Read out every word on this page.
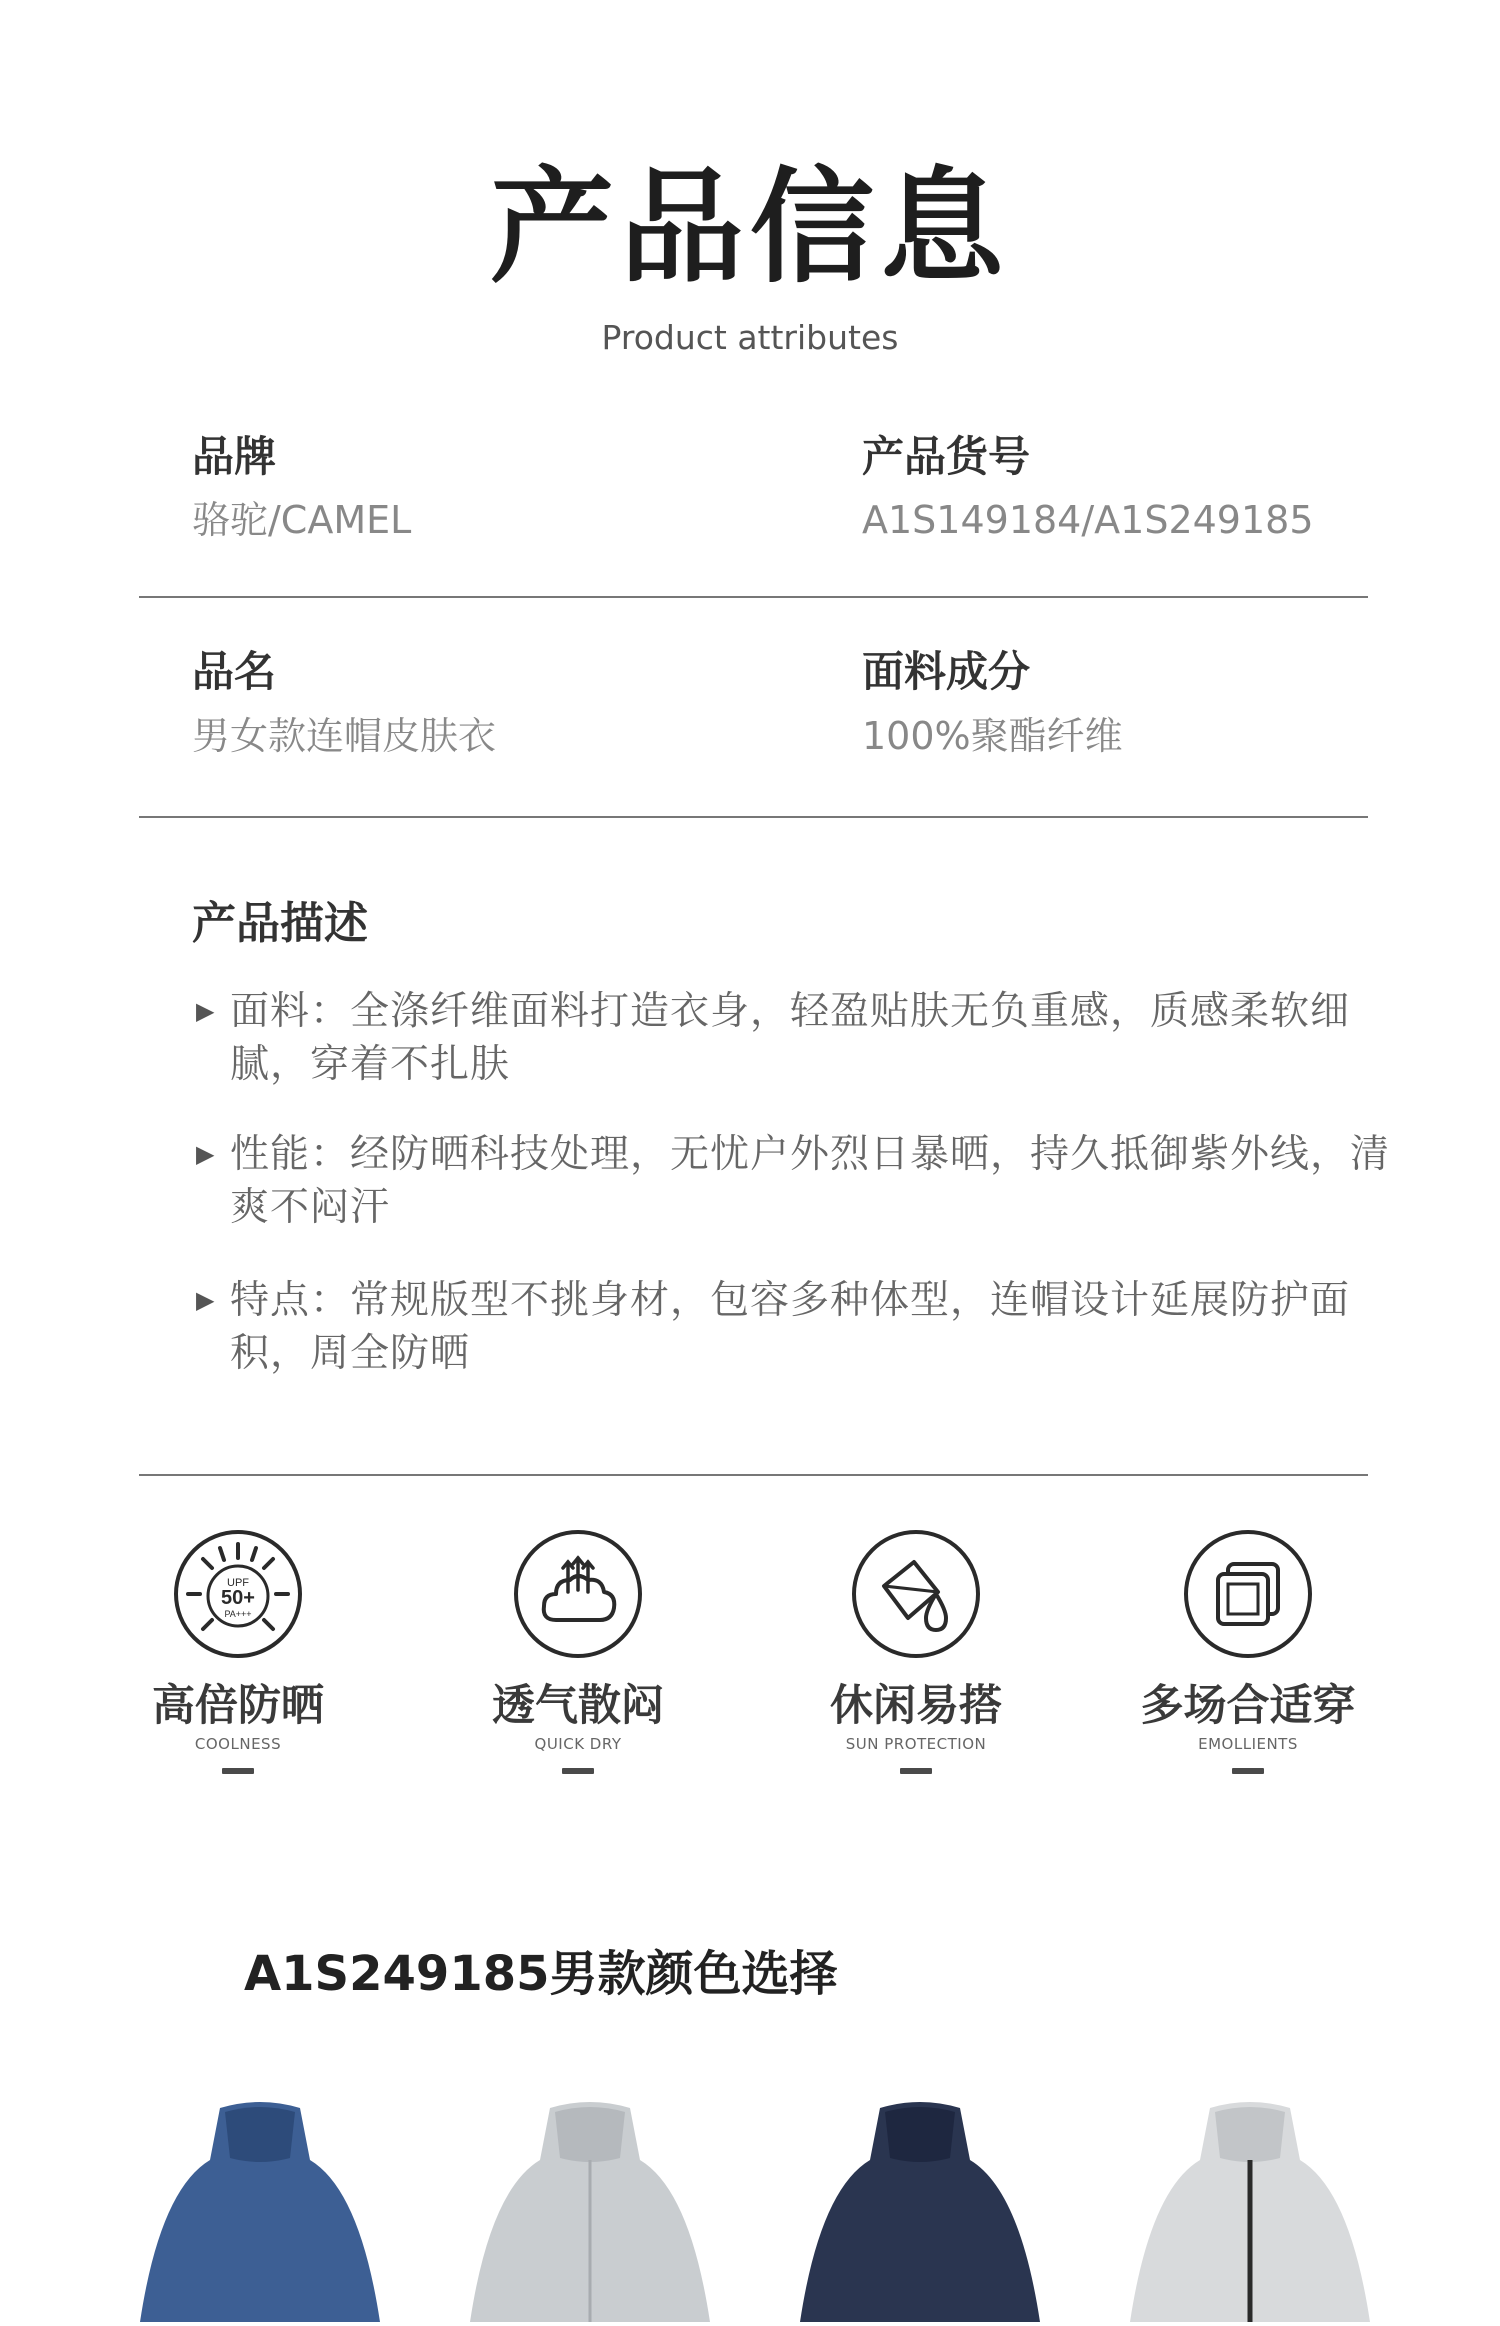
产品信息
Product attributes
品牌
骆驼/CAMEL
产品货号
A1S149184/A1S249185
品名
男女款连帽皮肤衣
面料成分
100%聚酯纤维
产品描述
▶ 面料：全涤纤维面料打造衣身，轻盈贴肤无负重感，质感柔软细腻，穿着不扎肤
▶ 性能：经防晒科技处理，无忧户外烈日暴晒，持久抵御紫外线，清爽不闷汗
▶ 特点：常规版型不挑身材，包容多种体型，连帽设计延展防护面积，周全防晒
UPF
50+
PA+++
高倍防晒
COOLNESS
透气散闷
QUICK DRY
休闲易搭
SUN PROTECTION
多场合适穿
EMOLLIENTS
A1S249185男款颜色选择
